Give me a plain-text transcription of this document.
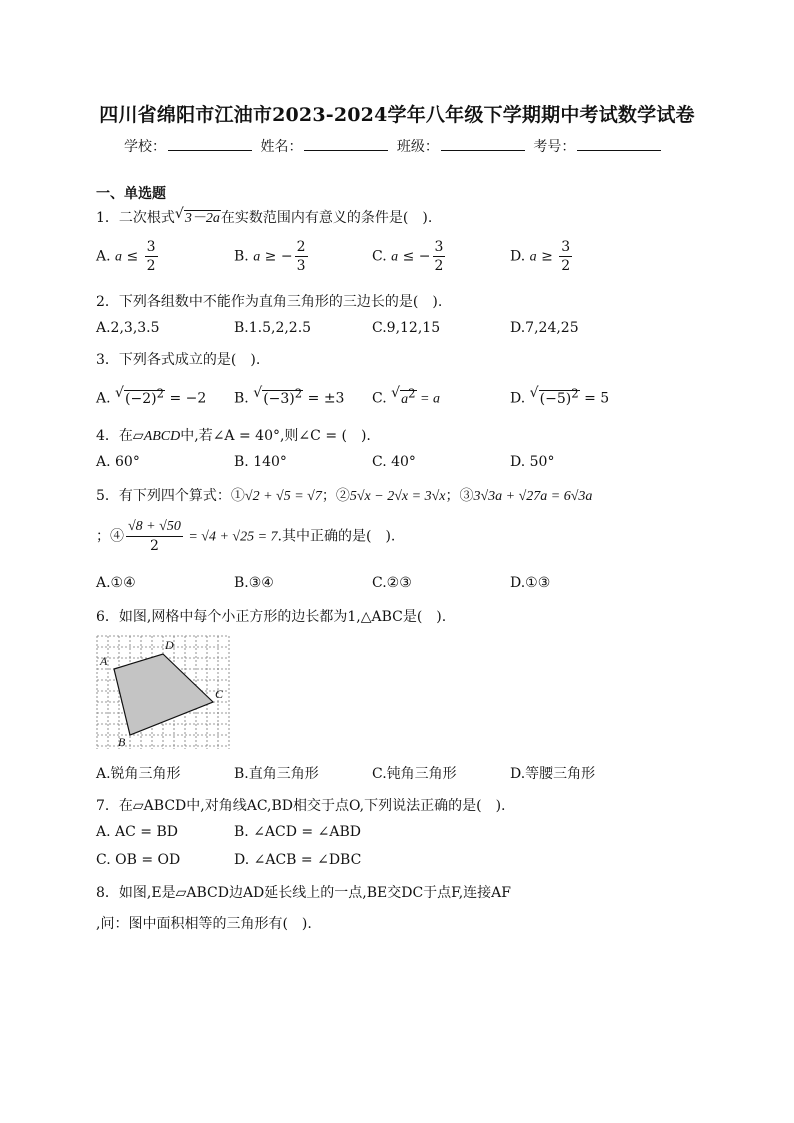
四川省绵阳市江油市2023-2024学年八年级下学期期中考试数学试卷
学校：	姓名：	班级：	考号：
一、单选题
1．二次根式√ 3－2a在实数范围内有意义的条件是(　).
A. $a \le \frac{3}{2}$	B. a ≥ − $\frac{2}{3}$	C. a ≤ − $\frac{3}{2}$	D. $a \ge \frac{3}{2}$
2．下列各组数中不能作为直角三角形的三边长的是(　).
A.2,3,3.5	B.1.5,2,2.5	C.9,12,15	D.7,24,25
3．下列各式成立的是(　).
A. √ $(-2)^2 = -2$ B. √ $(-3)^2 = \pm 3$ C. √ $a^2 = a$	D. √ $(-5)^2 = 5$
4．在▱ABCD中,若∠A = 40°,则∠C = (　).
A. 60°	B. 140°	C. 40°	D. 50°
5．有下列四个算式：①√2 + √5 = √7；②5√x − 2√x = 3√x；③3√3a + √27a = 6√3a
；④ $\frac{√8 + √50}{2} = √4 + √25 = 7$.其中正确的是(　).
A.①④	B.③④	C.②③	D.①③
6．如图,网格中每个小正方形的边长都为1,△ABC是(　).
A
D
C
B
A.锐角三角形	B.直角三角形	C.钝角三角形	D.等腰三角形
7．在▱ABCD中,对角线AC,BD相交于点O,下列说法正确的是(　).
A. AC = BD	B. ∠ACD = ∠ABD
C. OB = OD	D. ∠ACB = ∠DBC
8．如图,E是▱ABCD边AD延长线上的一点,BE交DC于点F,连接AF
,问：图中面积相等的三角形有(　).
